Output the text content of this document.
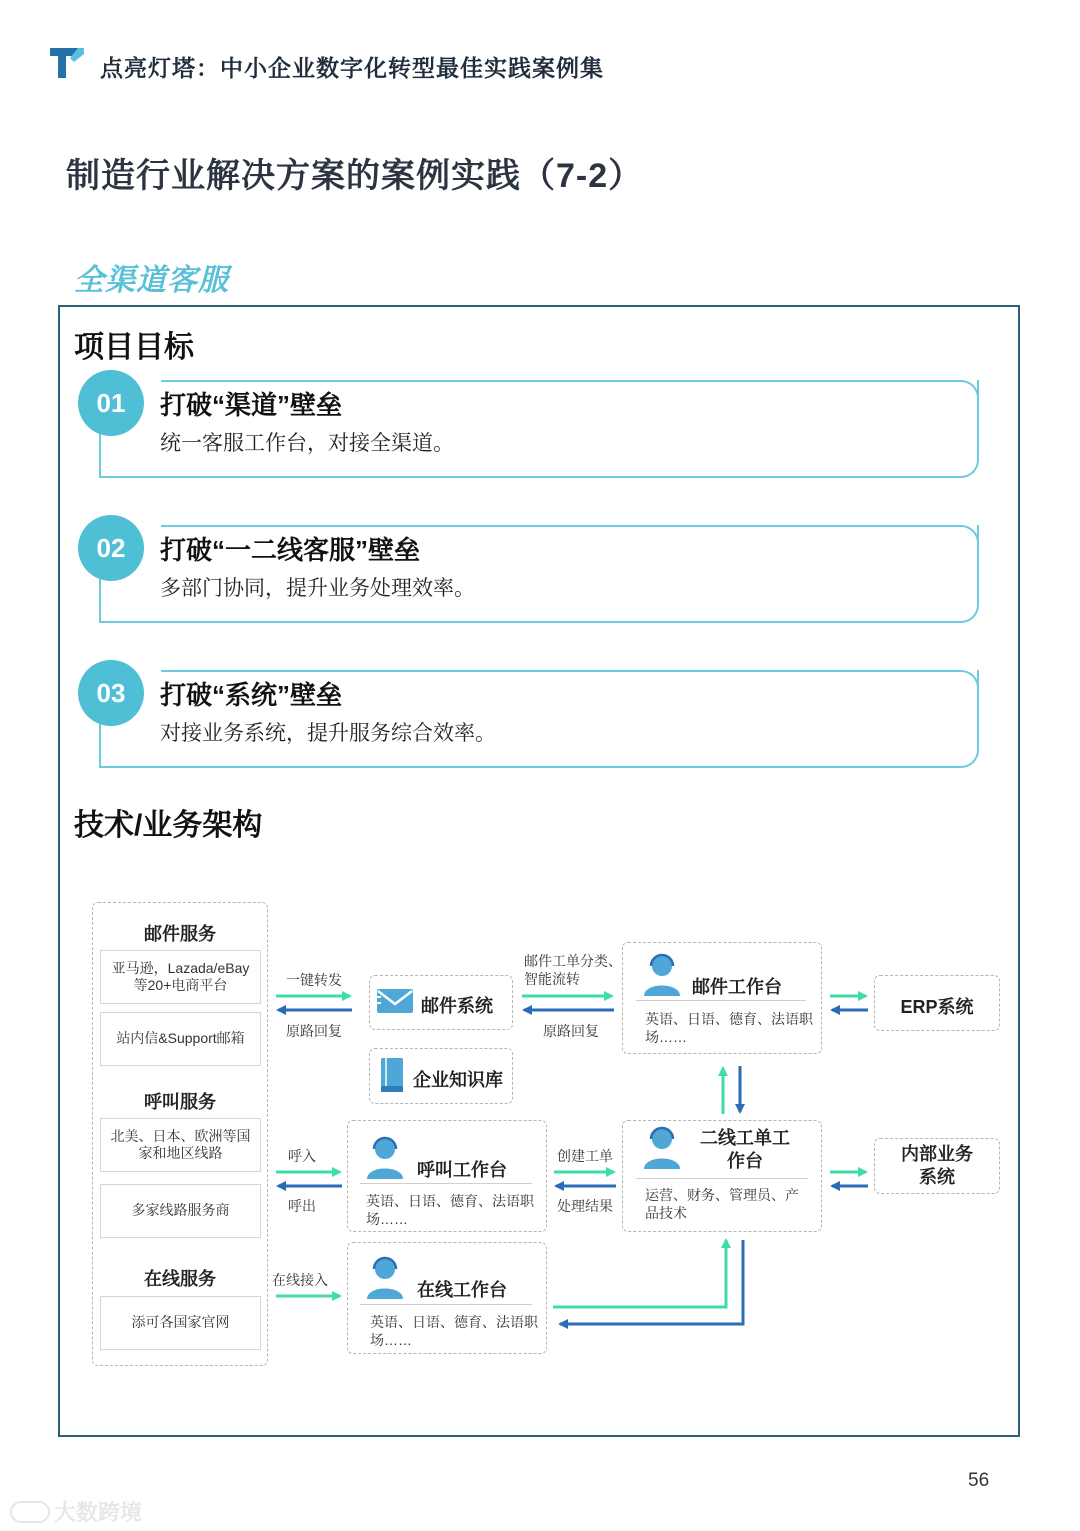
点亮灯塔：中小企业数字化转型最佳实践案例集
制造行业解决方案的案例实践（7-2）
全渠道客服
项目目标
01	打破“渠道”壁垒
统一客服工作台，对接全渠道。
02	打破“一二线客服”壁垒
多部门协同，提升业务处理效率。
03	打破“系统”壁垒
对接业务系统，提升服务综合效率。
技术/业务架构
邮件服务
亚马逊，Lazada/eBay等20+电商平台
站内信&Support邮箱
呼叫服务
北美、日本、欧洲等国家和地区线路
多家线路服务商
在线服务
添可各国家官网
邮件系统
企业知识库
邮件工作台
英语、日语、德育、法语职场……
呼叫工作台
英语、日语、德育、法语职场……
在线工作台
英语、日语、德育、法语职场……
二线工单工作台
运营、财务、管理员、产品技术
ERP系统
内部业务系统
一键转发
原路回复
邮件工单分类、智能流转
原路回复
呼入
呼出
创建工单
处理结果
在线接入
56
大数跨境
